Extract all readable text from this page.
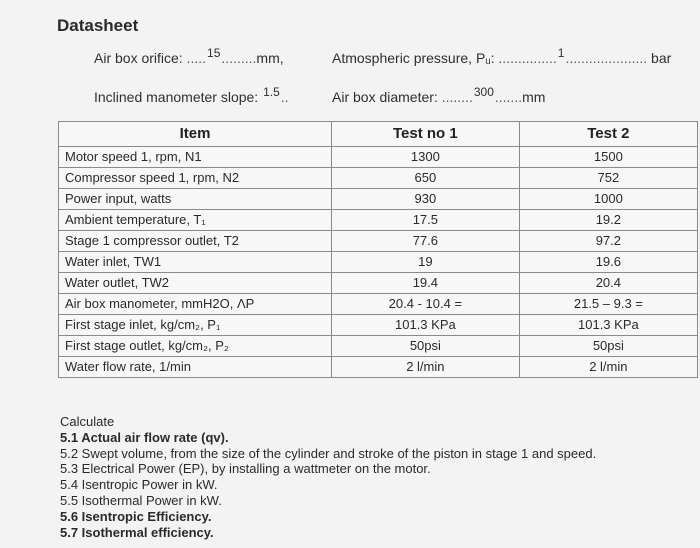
Datasheet
Air box orifice: .....15.........mm,	Atmospheric pressure, Pᵤ: ...............1..................... bar
Inclined manometer slope: 1.5..	Air box diameter: ........300.......mm
Item	Test no 1	Test 2
Motor speed 1, rpm, N1	1300	1500
Compressor speed 1, rpm, N2	650	752
Power input, watts	930	1000
Ambient temperature, T₁	17.5	19.2
Stage 1 compressor outlet, T2	77.6	97.2
Water inlet, TW1	19	19.6
Water outlet, TW2	19.4	20.4
Air box manometer, mmH2O, ΛP	20.4 - 10.4 =	21.5 – 9.3 =
First stage inlet, kg/cm₂, P₁	101.3 KPa	101.3 KPa
First stage outlet, kg/cm₂, P₂	50psi	50psi
Water flow rate, 1/min	2 l/min	2 l/min
Calculate
5.1 Actual air flow rate (qv).
5.2 Swept volume, from the size of the cylinder and stroke of the piston in stage 1 and speed.
5.3 Electrical Power (EP), by installing a wattmeter on the motor.
5.4 Isentropic Power in kW.
5.5 Isothermal Power in kW.
5.6 Isentropic Efficiency.
5.7 Isothermal efficiency.
